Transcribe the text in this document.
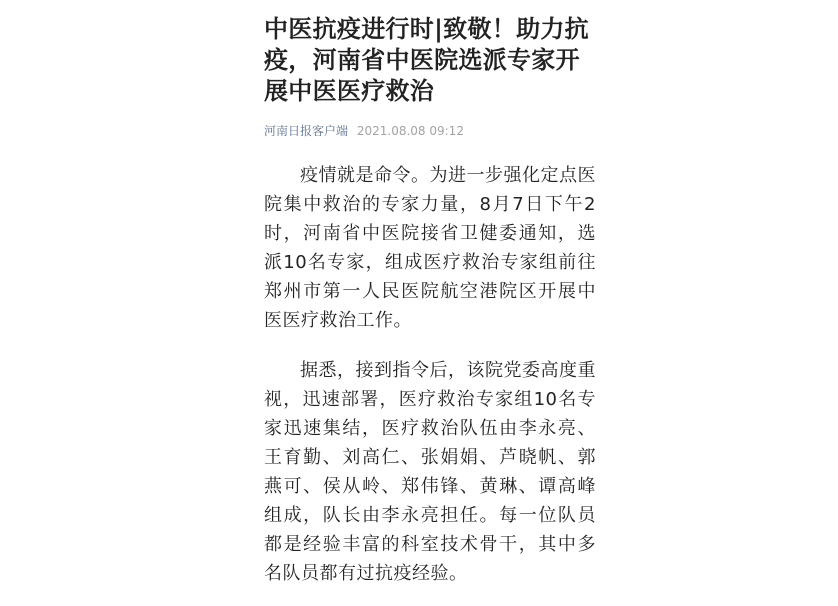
中医抗疫进行时|致敬！助力抗疫，河南省中医院选派专家开展中医医疗救治
河南日报客户端 2021.08.08 09:12

疫情就是命令。为进一步强化定点医院集中救治的专家力量，8月7日下午2时，河南省中医院接省卫健委通知，选派10名专家，组成医疗救治专家组前往郑州市第一人民医院航空港院区开展中医医疗救治工作。

据悉，接到指令后，该院党委高度重视，迅速部署，医疗救治专家组10名专家迅速集结，医疗救治队伍由李永亮、王育勤、刘高仁、张娟娟、芦晓帆、郭燕可、侯从岭、郑伟锋、黄琳、谭高峰组成，队长由李永亮担任。每一位队员都是经验丰富的科室技术骨干，其中多名队员都有过抗疫经验。
